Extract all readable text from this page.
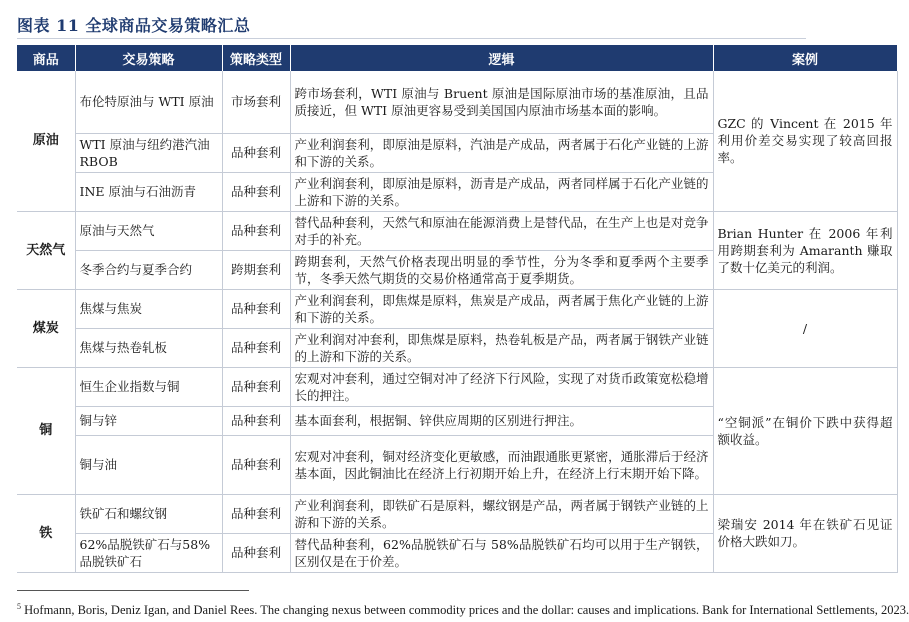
图表 11 全球商品交易策略汇总
商品	交易策略	策略类型	逻辑	案例
原油	布伦特原油与 WTI 原油	市场套利	跨市场套利，WTI 原油与 Bruent 原油是国际原油市场的基准原油，且品质接近，但 WTI 原油更容易受到美国国内原油市场基本面的影响。	GZC 的 Vincent 在 2015 年利用价差交易实现了较高回报率。
	WTI 原油与纽约港汽油 RBOB	品种套利	产业利润套利，即原油是原料，汽油是产成品，两者属于石化产业链的上游和下游的关系。	
	INE 原油与石油沥青	品种套利	产业利润套利，即原油是原料，沥青是产成品，两者同样属于石化产业链的上游和下游的关系。	
天然气	原油与天然气	品种套利	替代品种套利，天然气和原油在能源消费上是替代品，在生产上也是对竞争对手的补充。	Brian Hunter 在 2006 年利用跨期套利为 Amaranth 赚取了数十亿美元的利润。
	冬季合约与夏季合约	跨期套利	跨期套利，天然气价格表现出明显的季节性，分为冬季和夏季两个主要季节，冬季天然气期货的交易价格通常高于夏季期货。	
煤炭	焦煤与焦炭	品种套利	产业利润套利，即焦煤是原料，焦炭是产成品，两者属于焦化产业链的上游和下游的关系。	/
	焦煤与热卷轧板	品种套利	产业利润对冲套利，即焦煤是原料，热卷轧板是产品，两者属于钢铁产业链的上游和下游的关系。	
铜	恒生企业指数与铜	品种套利	宏观对冲套利，通过空铜对冲了经济下行风险，实现了对货币政策宽松稳增长的押注。	“空铜派”在铜价下跌中获得超额收益。
	铜与锌	品种套利	基本面套利，根据铜、锌供应周期的区别进行押注。	
	铜与油	品种套利	宏观对冲套利，铜对经济变化更敏感，而油跟通胀更紧密，通胀滞后于经济基本面，因此铜油比在经济上行初期开始上升，在经济上行末期开始下降。	
铁	铁矿石和螺纹钢	品种套利	产业利润套利，即铁矿石是原料，螺纹钢是产品，两者属于钢铁产业链的上游和下游的关系。	梁瑞安 2014 年在铁矿石见证价格大跌如刀。
	62%品脱铁矿石与58%品脱铁矿石	品种套利	替代品种套利，62%品脱铁矿石与 58%品脱铁矿石均可以用于生产钢铁，区别仅是在于价差。	
$^5$ Hofmann, Boris, Deniz Igan, and Daniel Rees. The changing nexus between commodity prices and the dollar: causes and implications. Bank for International Settlements, 2023.
